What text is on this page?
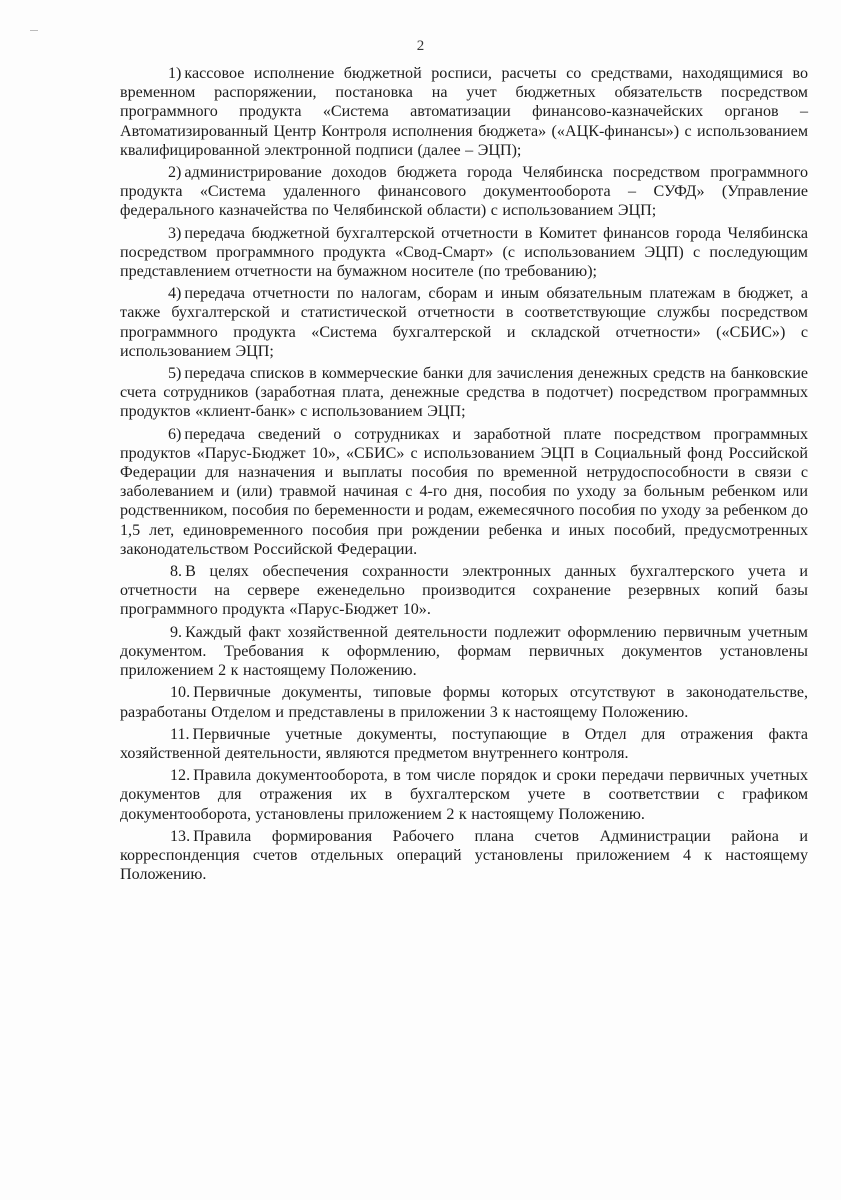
2

1) кассовое исполнение бюджетной росписи, расчеты со средствами, находящимися во временном распоряжении, постановка на учет бюджетных обязательств посредством программного продукта «Система автоматизации финансово-казначейских органов – Автоматизированный Центр Контроля исполнения бюджета» («АЦК-финансы») с использованием квалифицированной электронной подписи (далее – ЭЦП);

2) администрирование доходов бюджета города Челябинска посредством программного продукта «Система удаленного финансового документооборота – СУФД» (Управление федерального казначейства по Челябинской области) с использованием ЭЦП;

3) передача бюджетной бухгалтерской отчетности в Комитет финансов города Челябинска посредством программного продукта «Свод-Смарт» (с использованием ЭЦП) с последующим представлением отчетности на бумажном носителе (по требованию);

4) передача отчетности по налогам, сборам и иным обязательным платежам в бюджет, а также бухгалтерской и статистической отчетности в соответствующие службы посредством программного продукта «Система бухгалтерской и складской отчетности» («СБИС») с использованием ЭЦП;

5) передача списков в коммерческие банки для зачисления денежных средств на банковские счета сотрудников (заработная плата, денежные средства в подотчет) посредством программных продуктов «клиент-банк» с использованием ЭЦП;

6) передача сведений о сотрудниках и заработной плате посредством программных продуктов «Парус-Бюджет 10», «СБИС» с использованием ЭЦП в Социальный фонд Российской Федерации для назначения и выплаты пособия по временной нетрудоспособности в связи с заболеванием и (или) травмой начиная с 4-го дня, пособия по уходу за больным ребенком или родственником, пособия по беременности и родам, ежемесячного пособия по уходу за ребенком до 1,5 лет, единовременного пособия при рождении ребенка и иных пособий, предусмотренных законодательством Российской Федерации.

8. В целях обеспечения сохранности электронных данных бухгалтерского учета и отчетности на сервере еженедельно производится сохранение резервных копий базы программного продукта «Парус-Бюджет 10».

9. Каждый факт хозяйственной деятельности подлежит оформлению первичным учетным документом. Требования к оформлению, формам первичных документов установлены приложением 2 к настоящему Положению.

10. Первичные документы, типовые формы которых отсутствуют в законодательстве, разработаны Отделом и представлены в приложении 3 к настоящему Положению.

11. Первичные учетные документы, поступающие в Отдел для отражения факта хозяйственной деятельности, являются предметом внутреннего контроля.

12. Правила документооборота, в том числе порядок и сроки передачи первичных учетных документов для отражения их в бухгалтерском учете в соответствии с графиком документооборота, установлены приложением 2 к настоящему Положению.

13. Правила формирования Рабочего плана счетов Администрации района и корреспонденция счетов отдельных операций установлены приложением 4 к настоящему Положению.
